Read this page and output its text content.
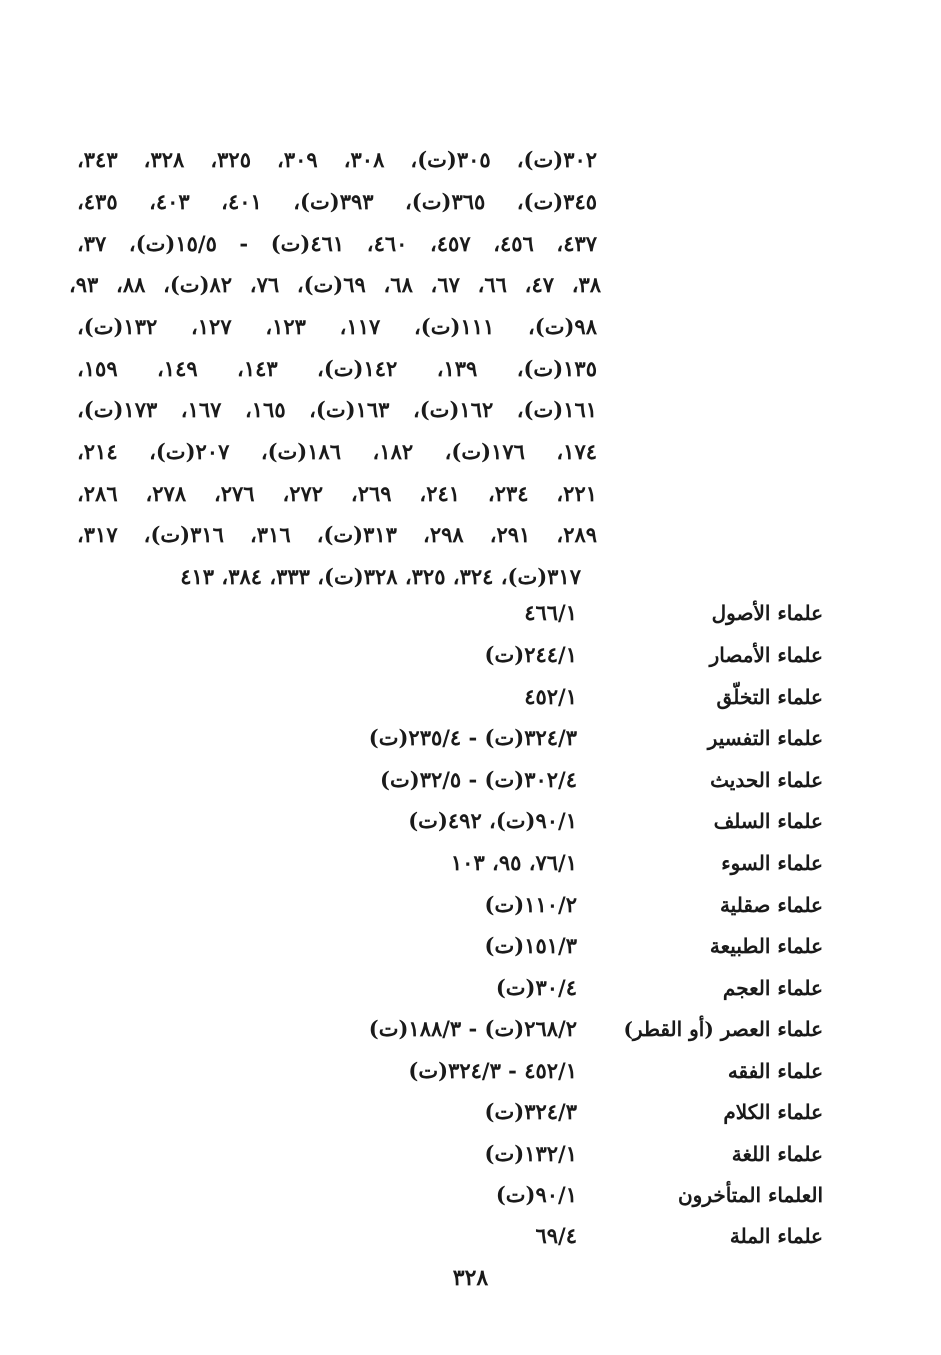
٣٠٢(ت)، ٣٠٥(ت)، ٣٠٨، ٣٠٩، ٣٢٥، ٣٢٨، ٣٤٣،
٣٤٥(ت)، ٣٦٥(ت)، ٣٩٣(ت)، ٤٠١، ٤٠٣، ٤٣٥،
٤٣٧، ٤٥٦، ٤٥٧، ٤٦٠، ٤٦١(ت) - ١٥/٥(ت)، ٣٧،
٣٨، ٤٧، ٦٦، ٦٧، ٦٨، ٦٩(ت)، ٧٦، ٨٢(ت)، ٨٨، ٩٣،
٩٨(ت)، ١١١(ت)، ١١٧، ١٢٣، ١٢٧، ١٣٢(ت)،
١٣٥(ت)، ١٣٩، ١٤٢(ت)، ١٤٣، ١٤٩، ١٥٩،
١٦١(ت)، ١٦٢(ت)، ١٦٣(ت)، ١٦٥، ١٦٧، ١٧٣(ت)،
١٧٤، ١٧٦(ت)، ١٨٢، ١٨٦(ت)، ٢٠٧(ت)، ٢١٤،
٢٢١، ٢٣٤، ٢٤١، ٢٦٩، ٢٧٢، ٢٧٦، ٢٧٨، ٢٨٦،
٢٨٩، ٢٩١، ٢٩٨، ٣١٣(ت)، ٣١٦، ٣١٦(ت)، ٣١٧،
٣١٧(ت)، ٣٢٤، ٣٢٥، ٣٢٨(ت)، ٣٣٣، ٣٨٤، ٤١٣
علماء الأصول
٤٦٦/١
علماء الأمصار
٢٤٤/١(ت)
علماء التخلّق
٤٥٢/١
علماء التفسير
٣٢٤/٣(ت) - ٢٣٥/٤(ت)
علماء الحديث
٣٠٢/٤(ت) - ٣٢/٥(ت)
علماء السلف
٩٠/١(ت)، ٤٩٢(ت)
علماء السوء
٧٦/١، ٩٥، ١٠٣
علماء صقلية
١١٠/٢(ت)
علماء الطبيعة
١٥١/٣(ت)
علماء العجم
٣٠/٤(ت)
علماء العصر (أو القطر)
٢٦٨/٢(ت) - ١٨٨/٣(ت)
علماء الفقه
٤٥٢/١ - ٣٢٤/٣(ت)
علماء الكلام
٣٢٤/٣(ت)
علماء اللغة
١٣٢/١(ت)
العلماء المتأخرون
٩٠/١(ت)
علماء الملة
٦٩/٤
٣٢٨
